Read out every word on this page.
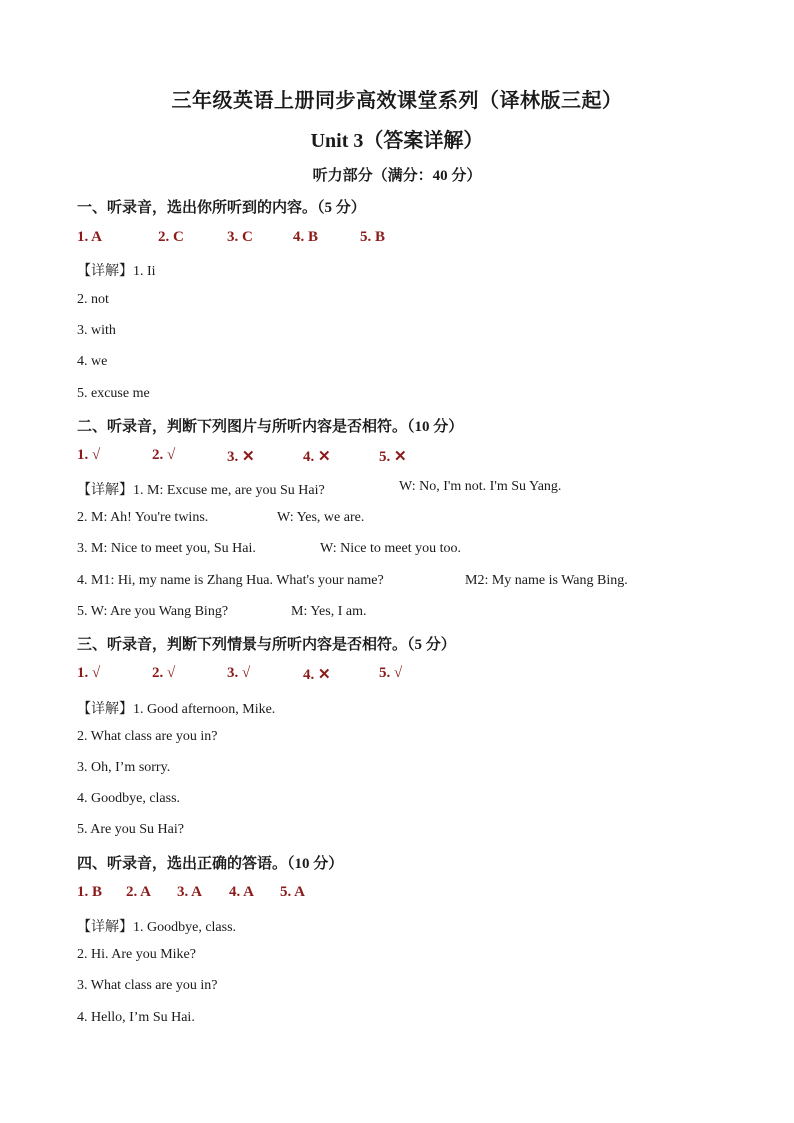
三年级英语上册同步高效课堂系列（译林版三起）
Unit 3（答案详解）
听力部分（满分：40 分）
一、听录音，选出你所听到的内容。（5 分）
1. A	2. C	3. C	4. B	5. B
【详解】1. Ii
2. not
3. with
4. we
5. excuse me
二、听录音，判断下列图片与所听内容是否相符。（10 分）
1. √	2. √	3. ✕	4. ✕	5. ✕
【详解】1. M: Excuse me, are you Su Hai?	W: No, I'm not. I'm Su Yang.
2. M: Ah! You're twins.	W: Yes, we are.
3. M: Nice to meet you, Su Hai.	W: Nice to meet you too.
4. M1: Hi, my name is Zhang Hua. What's your name?	M2: My name is Wang Bing.
5. W: Are you Wang Bing?	M: Yes, I am.
三、听录音，判断下列情景与所听内容是否相符。（5 分）
1. √	2. √	3. √	4. ✕	5. √
【详解】1. Good afternoon, Mike.
2. What class are you in?
3. Oh, I’m sorry.
4. Goodbye, class.
5. Are you Su Hai?
四、听录音，选出正确的答语。（10 分）
1. B 2. A 3. A 4. A 5. A
【详解】1. Goodbye, class.
2. Hi. Are you Mike?
3. What class are you in?
4. Hello, I’m Su Hai.
